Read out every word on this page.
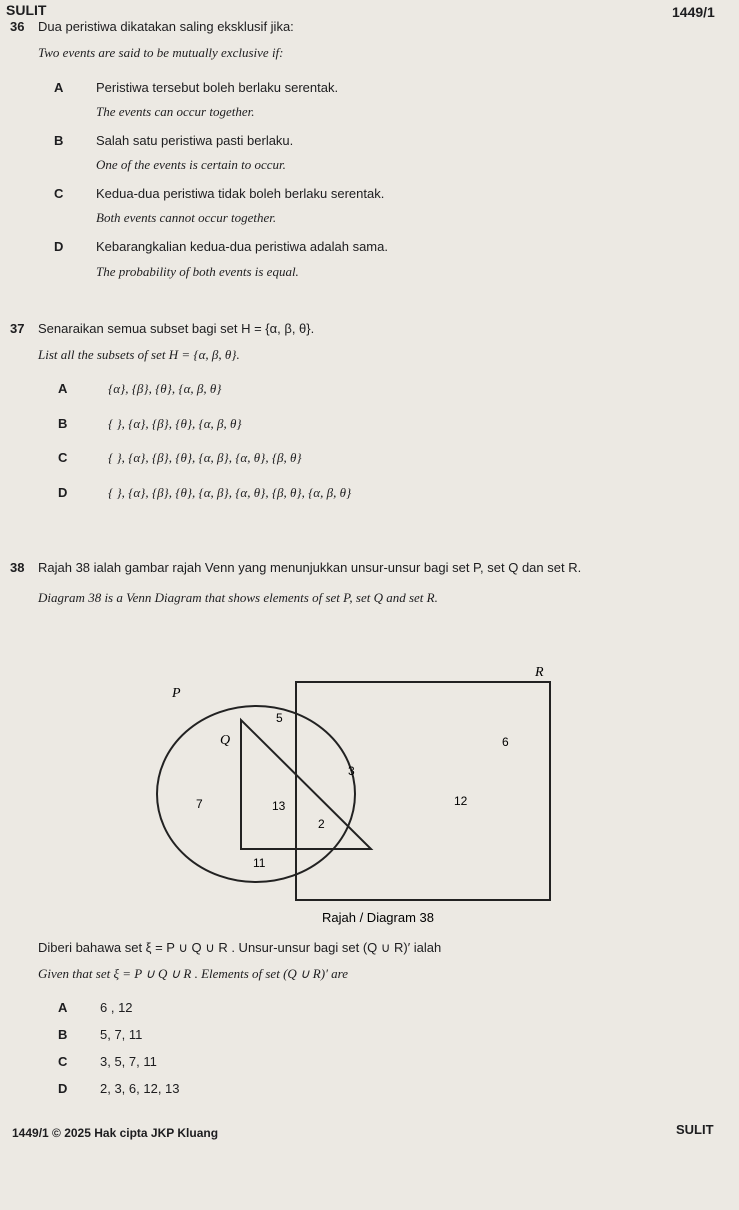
SULIT	1449/1
36 Dua peristiwa dikatakan saling eksklusif jika:
Two events are said to be mutually exclusive if:
A	Peristiwa tersebut boleh berlaku serentak.
The events can occur together.
B	Salah satu peristiwa pasti berlaku.
One of the events is certain to occur.
C	Kedua-dua peristiwa tidak boleh berlaku serentak.
Both events cannot occur together.
D	Kebarangkalian kedua-dua peristiwa adalah sama.
The probability of both events is equal.
37 Senaraikan semua subset bagi set H = {α, β, θ}.
List all the subsets of set H = {α, β, θ}.
A	{α}, {β}, {θ}, {α, β, θ}
B	{ }, {α}, {β}, {θ}, {α, β, θ}
C	{ }, {α}, {β}, {θ}, {α, β}, {α, θ}, {β, θ}
D	{ }, {α}, {β}, {θ}, {α, β}, {α, θ}, {β, θ}, {α, β, θ}
38 Rajah 38 ialah gambar rajah Venn yang menunjukkan unsur-unsur bagi set P, set Q dan set R.
Diagram 38 is a Venn Diagram that shows elements of set P, set Q and set R.
R
P
Q
5
6
3
7	13	12
2
11
Rajah / Diagram 38
Diberi bahawa set ξ = P ∪ Q ∪ R . Unsur-unsur bagi set (Q ∪ R)′ ialah
Given that set ξ = P ∪ Q ∪ R . Elements of set (Q ∪ R)′ are
A	6 , 12
B	5, 7, 11
C	3, 5, 7, 11
D	2, 3, 6, 12, 13
1449/1 © 2025 Hak cipta JKP Kluang	SULIT
